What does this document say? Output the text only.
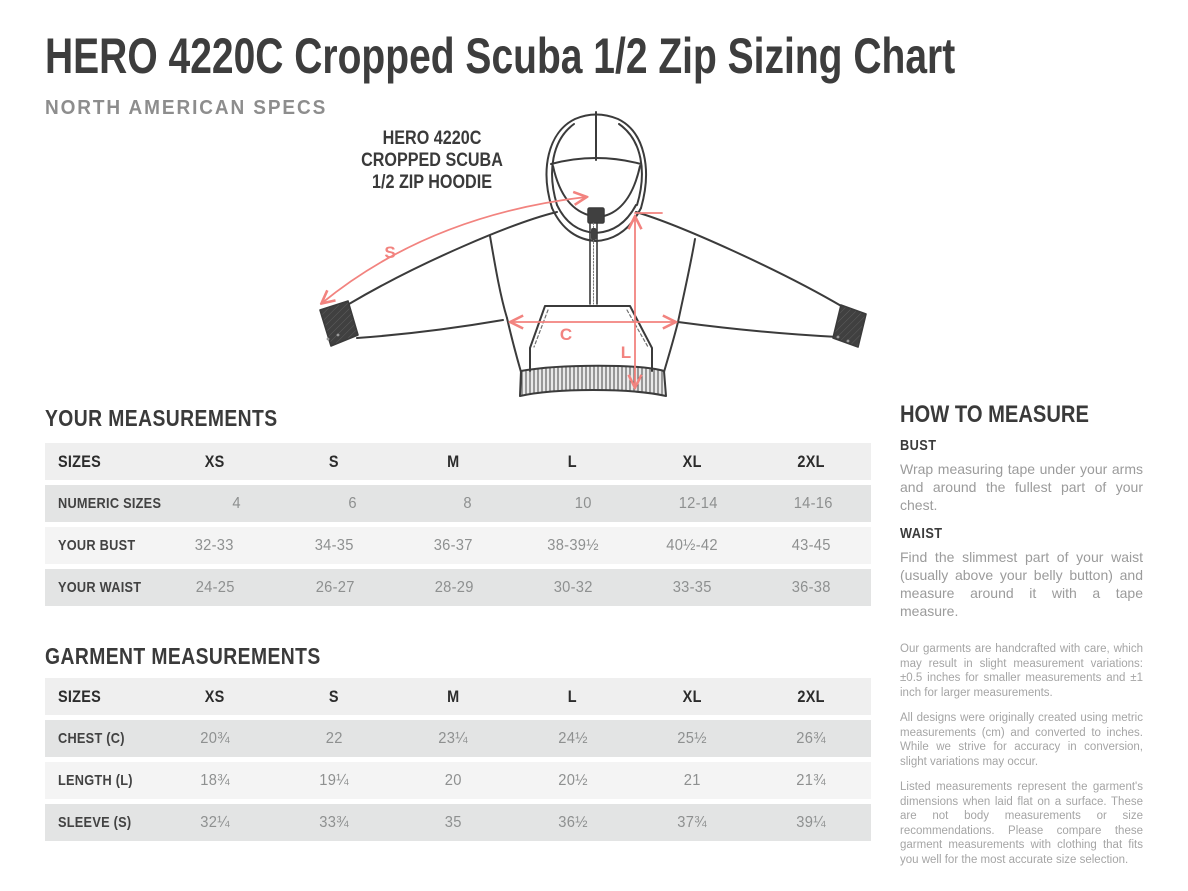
HERO 4220C Cropped Scuba 1/2 Zip Sizing Chart
NORTH AMERICAN SPECS
HERO 4220C
CROPPED SCUBA
1/2 ZIP HOODIE
S
C
L
YOUR MEASUREMENTS
SIZES	XS	S	M	L	XL	2XL
NUMERIC SIZES	4	6	8	10	12-14	14-16
YOUR BUST	32-33	34-35	36-37	38-39½	40½-42	43-45
YOUR WAIST	24-25	26-27	28-29	30-32	33-35	36-38
GARMENT MEASUREMENTS
SIZES	XS	S	M	L	XL	2XL
CHEST (C)	20¾	22	23¼	24½	25½	26¾
LENGTH (L)	18¾	19¼	20	20½	21	21¾
SLEEVE (S)	32¼	33¾	35	36½	37¾	39¼
HOW TO MEASURE
BUST

Wrap measuring tape under your arms and around the fullest part of your chest.

WAIST

Find the slimmest part of your waist (usually above your belly button) and measure around it with a tape measure.

Our garments are handcrafted with care, which may result in slight measurement variations: ±0.5 inches for smaller measurements and ±1 inch for larger measurements.

All designs were originally created using metric measurements (cm) and converted to inches. While we strive for accuracy in conversion, slight variations may occur.

Listed measurements represent the garment's dimensions when laid flat on a surface. These are not body measurements or size recommendations. Please compare these garment measurements with clothing that fits you well for the most accurate size selection.
